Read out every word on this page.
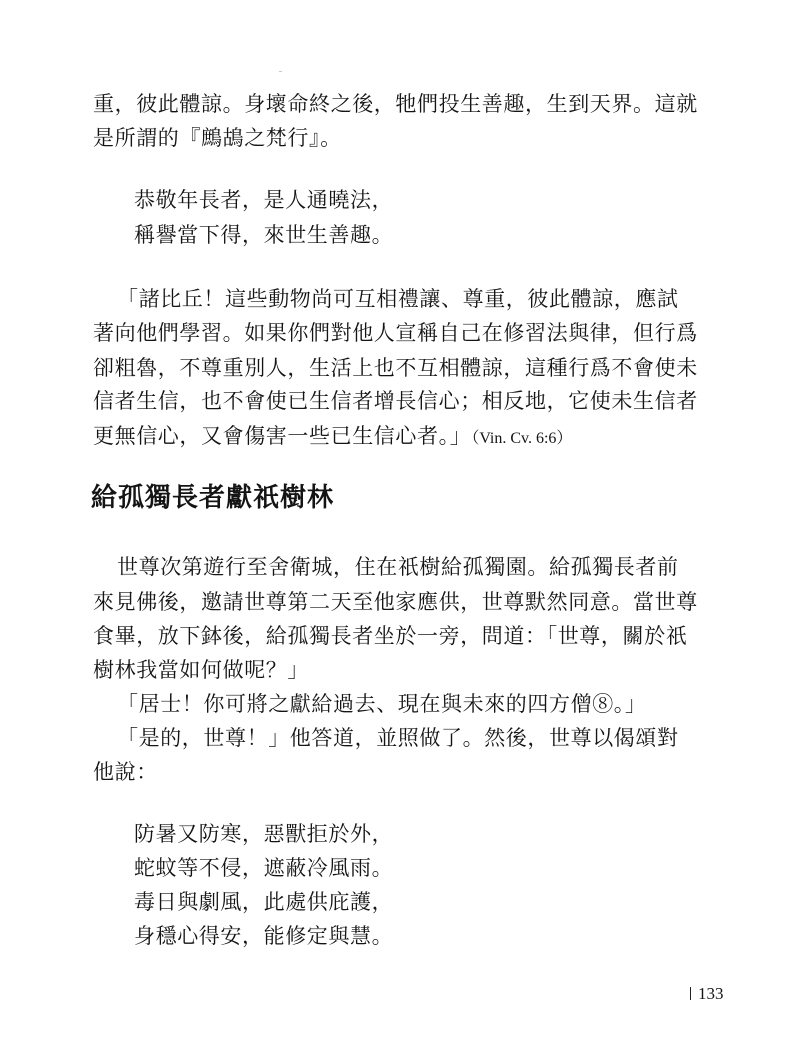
重，彼此體諒。身壞命終之後，牠們投生善趣，生到天界。這就
是所謂的『鷓鴣之梵行』。
恭敬年長者，是人通曉法，
稱譽當下得，來世生善趣。
「諸比丘！這些動物尚可互相禮讓、尊重，彼此體諒，應試
著向他們學習。如果你們對他人宣稱自己在修習法與律，但行爲
卻粗魯，不尊重別人，生活上也不互相體諒，這種行爲不會使未
信者生信，也不會使已生信者增長信心；相反地，它使未生信者
更無信心，又會傷害一些已生信心者。」（Vin. Cv. 6:6）
給孤獨長者獻祇樹林
世尊次第遊行至舍衛城，住在祇樹給孤獨園。給孤獨長者前
來見佛後，邀請世尊第二天至他家應供，世尊默然同意。當世尊
食畢，放下鉢後，給孤獨長者坐於一旁，問道：「世尊，關於祇
樹林我當如何做呢？」
「居士！你可將之獻給過去、現在與未來的四方僧⑧。」
「是的，世尊！」他答道，並照做了。然後，世尊以偈頌對
他說：
防暑又防寒，惡獸拒於外，
蛇蚊等不侵，遮蔽冷風雨。
毒日與劇風，此處供庇護，
身穩心得安，能修定與慧。
133
